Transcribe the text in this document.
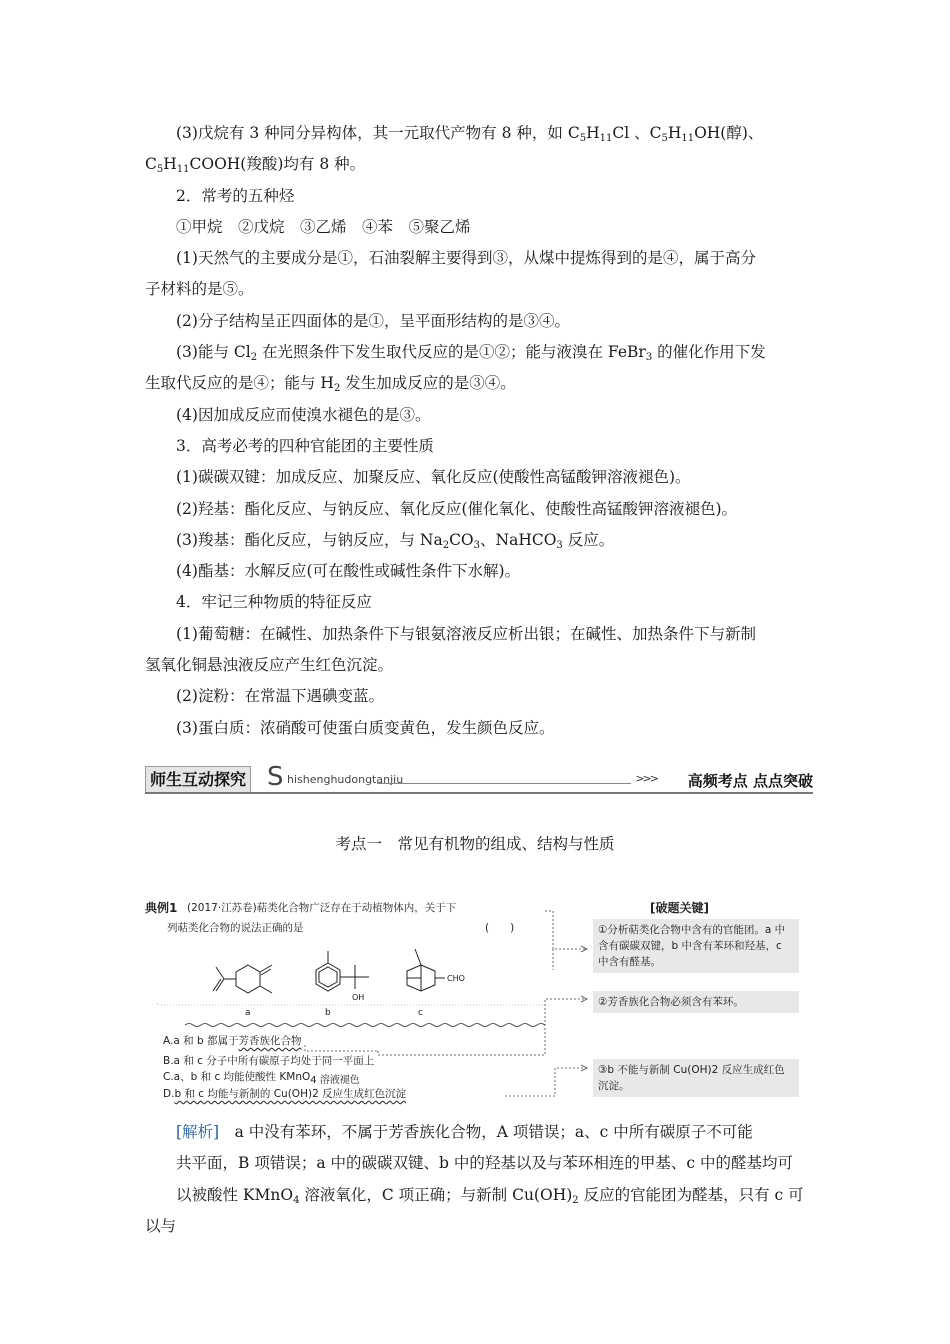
(3)戊烷有 3 种同分异构体，其一元取代产物有 8 种，如 $C_5H_{11}Cl$ 、$C_5H_{11}OH$(醇)、

$C_5H_{11}COOH$(羧酸)均有 8 种。

2．常考的五种烃

①甲烷　②戊烷　③乙烯　④苯　⑤聚乙烯

(1)天然气的主要成分是①，石油裂解主要得到③，从煤中提炼得到的是④，属于高分

子材料的是⑤。

(2)分子结构呈正四面体的是①，呈平面形结构的是③④。

(3)能与 $Cl_2$ 在光照条件下发生取代反应的是①②；能与液溴在 FeBr$_3$ 的催化作用下发

生取代反应的是④；能与 $H_2$ 发生加成反应的是③④。

(4)因加成反应而使溴水褪色的是③。

3．高考必考的四种官能团的主要性质

(1)碳碳双键：加成反应、加聚反应、氧化反应(使酸性高锰酸钾溶液褪色)。

(2)羟基：酯化反应、与钠反应、氧化反应(催化氧化、使酸性高锰酸钾溶液褪色)。

(3)羧基：酯化反应，与钠反应，与 $Na_2CO_3$、NaHCO$_3$ 反应。

(4)酯基：水解反应(可在酸性或碱性条件下水解)。

4．牢记三种物质的特征反应

(1)葡萄糖：在碱性、加热条件下与银氨溶液反应析出银；在碱性、加热条件下与新制

氢氧化铜悬浊液反应产生红色沉淀。

(2)淀粉：在常温下遇碘变蓝。

(3)蛋白质：浓硝酸可使蛋白质变黄色，发生颜色反应。

师生互动探究 S hishenghudongtanjiu	>>> 高频考点 点点突破
考点一　常见有机物的组成、结构与性质
典例1 (2017·江苏卷)萜类化合物广泛存在于动植物体内，关于下
列萜类化合物的说法正确的是	(　　)
a
OH
b
CHO
c
A.a 和 b 都属于芳香族化合物
B.a 和 c 分子中所有碳原子均处于同一平面上
C.a、b 和 c 均能使酸性 KMnO$_{4 溶液褪色}$
D.b 和 c 均能与新制的 Cu(OH)2 反应生成红色沉淀
[破题关键]
①分析萜类化合物中含有的官能团。a 中含有碳碳双键，b 中含有苯环和羟基，c 中含有醛基。
②芳香族化合物必须含有苯环。
③b 不能与新制 Cu(OH)2 反应生成红色沉淀。

[解析]　a 中没有苯环，不属于芳香族化合物，A 项错误；a、c 中所有碳原子不可能

共平面，B 项错误；a 中的碳碳双键、b 中的羟基以及与苯环相连的甲基、c 中的醛基均可

以被酸性 KMnO$_4$ 溶液氧化，C 项正确；与新制 $Cu(OH)_2$ 反应的官能团为醛基，只有 c 可以与
